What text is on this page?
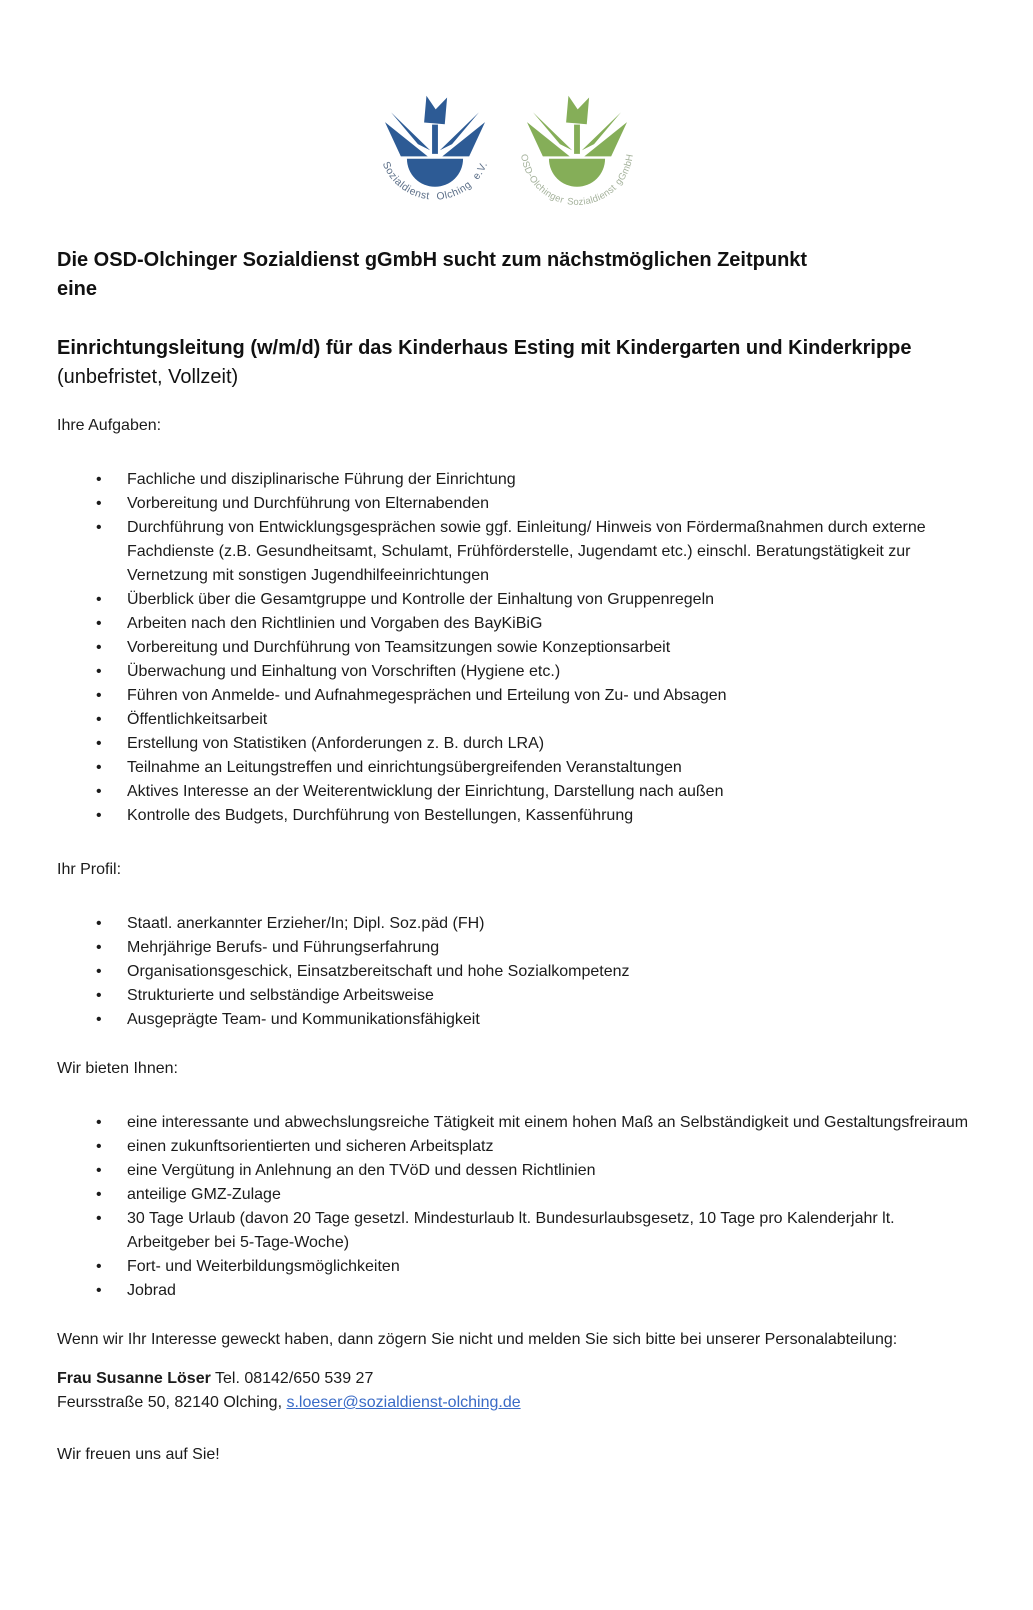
Sozialdienst Olching e.V.
OSD-Olchinger Sozialdienst gGmbH
Die OSD-Olchinger Sozialdienst gGmbH sucht zum nächstmöglichen Zeitpunkt
eine
Einrichtungsleitung (w/m/d) für das Kinderhaus Esting mit Kindergarten und Kinderkrippe (unbefristet, Vollzeit)

Ihre Aufgaben:

• Fachliche und disziplinarische Führung der Einrichtung
• Vorbereitung und Durchführung von Elternabenden
• Durchführung von Entwicklungsgesprächen sowie ggf. Einleitung/ Hinweis von Fördermaßnahmen durch externe Fachdienste (z.B. Gesundheitsamt, Schulamt, Frühförderstelle, Jugendamt etc.) einschl. Beratungstätigkeit zur Vernetzung mit sonstigen Jugendhilfeeinrichtungen
• Überblick über die Gesamtgruppe und Kontrolle der Einhaltung von Gruppenregeln
• Arbeiten nach den Richtlinien und Vorgaben des BayKiBiG
• Vorbereitung und Durchführung von Teamsitzungen sowie Konzeptionsarbeit
• Überwachung und Einhaltung von Vorschriften (Hygiene etc.)
• Führen von Anmelde- und Aufnahmegesprächen und Erteilung von Zu- und Absagen
• Öffentlichkeitsarbeit
• Erstellung von Statistiken (Anforderungen z. B. durch LRA)
• Teilnahme an Leitungstreffen und einrichtungsübergreifenden Veranstaltungen
• Aktives Interesse an der Weiterentwicklung der Einrichtung, Darstellung nach außen
• Kontrolle des Budgets, Durchführung von Bestellungen, Kassenführung

Ihr Profil:

• Staatl. anerkannter Erzieher/In; Dipl. Soz.päd (FH)
• Mehrjährige Berufs- und Führungserfahrung
• Organisationsgeschick, Einsatzbereitschaft und hohe Sozialkompetenz
• Strukturierte und selbständige Arbeitsweise
• Ausgeprägte Team- und Kommunikationsfähigkeit

Wir bieten Ihnen:

• eine interessante und abwechslungsreiche Tätigkeit mit einem hohen Maß an Selbständigkeit und Gestaltungsfreiraum
• einen zukunftsorientierten und sicheren Arbeitsplatz
• eine Vergütung in Anlehnung an den TVöD und dessen Richtlinien
• anteilige GMZ-Zulage
• 30 Tage Urlaub (davon 20 Tage gesetzl. Mindesturlaub lt. Bundesurlaubsgesetz, 10 Tage pro Kalenderjahr lt. Arbeitgeber bei 5-Tage-Woche)
• Fort- und Weiterbildungsmöglichkeiten
• Jobrad

Wenn wir Ihr Interesse geweckt haben, dann zögern Sie nicht und melden Sie sich bitte bei unserer Personalabteilung:

Frau Susanne Löser Tel. 08142/650 539 27
Feursstraße 50, 82140 Olching, s.loeser@sozialdienst-olching.de

Wir freuen uns auf Sie!
